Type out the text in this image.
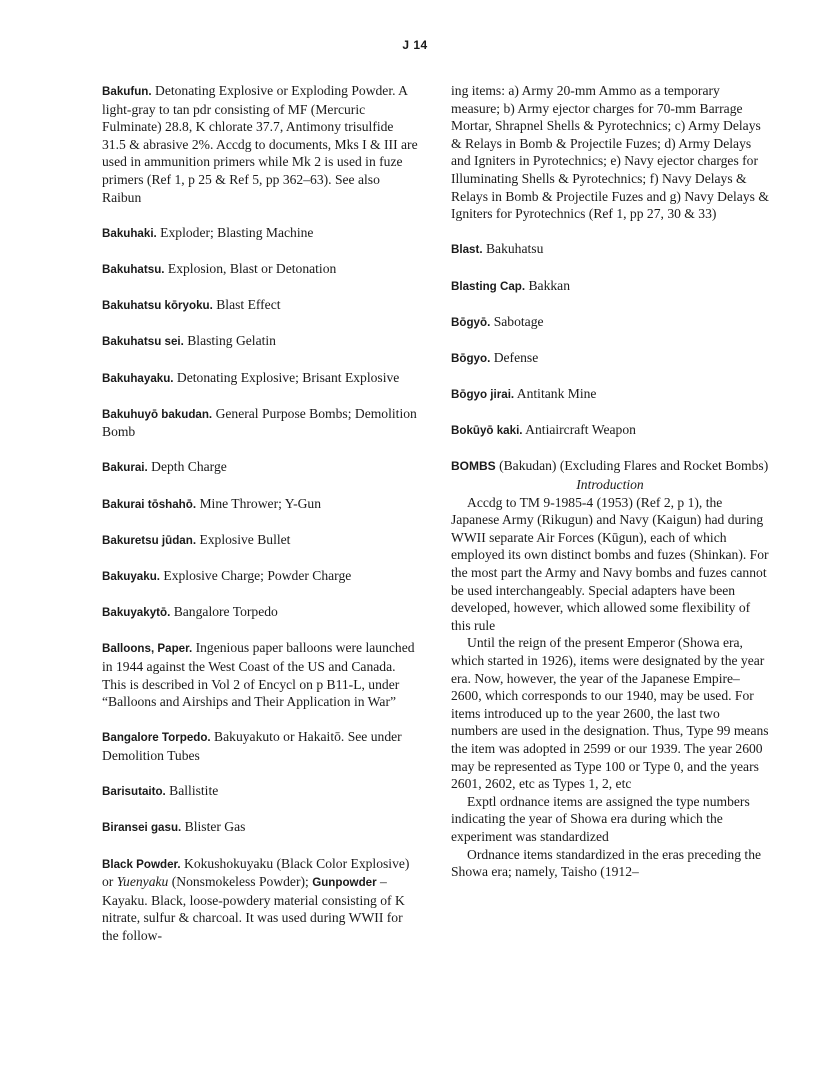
J 14
Bakufun. Detonating Explosive or Exploding Powder. A light-gray to tan pdr consisting of MF (Mercuric Fulminate) 28.8, K chlorate 37.7, Antimony trisulfide 31.5 & abrasive 2%. Accdg to documents, Mks I & III are used in ammunition primers while Mk 2 is used in fuze primers (Ref 1, p 25 & Ref 5, pp 362–63). See also Raibun
Bakuhaki. Exploder; Blasting Machine
Bakuhatsu. Explosion, Blast or Detonation
Bakuhatsu kōryoku. Blast Effect
Bakuhatsu sei. Blasting Gelatin
Bakuhayaku. Detonating Explosive; Brisant Explosive
Bakuhuyō bakudan. General Purpose Bombs; Demolition Bomb
Bakurai. Depth Charge
Bakurai tōshahō. Mine Thrower; Y-Gun
Bakuretsu jūdan. Explosive Bullet
Bakuyaku. Explosive Charge; Powder Charge
Bakuyakytō. Bangalore Torpedo
Balloons, Paper. Ingenious paper balloons were launched in 1944 against the West Coast of the US and Canada. This is described in Vol 2 of Encycl on p B11-L, under “Balloons and Airships and Their Application in War”
Bangalore Torpedo. Bakuyakuto or Hakaitō. See under Demolition Tubes
Barisutaito. Ballistite
Biransei gasu. Blister Gas
Black Powder. Kokushokuyaku (Black Color Explosive) or Yuenyaku (Nonsmokeless Powder); Gunpowder – Kayaku. Black, loose-powdery material consisting of K nitrate, sulfur & charcoal. It was used during WWII for the follow-
ing items: a) Army 20-mm Ammo as a temporary measure; b) Army ejector charges for 70-mm Barrage Mortar, Shrapnel Shells & Pyrotechnics; c) Army Delays & Relays in Bomb & Projectile Fuzes; d) Army Delays and Igniters in Pyrotechnics; e) Navy ejector charges for Illuminating Shells & Pyrotechnics; f) Navy Delays & Relays in Bomb & Projectile Fuzes and g) Navy Delays & Igniters for Pyrotechnics (Ref 1, pp 27, 30 & 33)
Blast. Bakuhatsu
Blasting Cap. Bakkan
Bōgyō. Sabotage
Bōgyo. Defense
Bōgyo jirai. Antitank Mine
Bokūyō kaki. Antiaircraft Weapon
BOMBS (Bakudan) (Excluding Flares and Rocket Bombs)
Introduction
Accdg to TM 9-1985-4 (1953) (Ref 2, p 1), the Japanese Army (Rikugun) and Navy (Kaigun) had during WWII separate Air Forces (Kūgun), each of which employed its own distinct bombs and fuzes (Shinkan). For the most part the Army and Navy bombs and fuzes cannot be used interchangeably. Special adapters have been developed, however, which allowed some flexibility of this rule
Until the reign of the present Emperor (Showa era, which started in 1926), items were designated by the year era. Now, however, the year of the Japanese Empire–2600, which corresponds to our 1940, may be used. For items introduced up to the year 2600, the last two numbers are used in the designation. Thus, Type 99 means the item was adopted in 2599 or our 1939. The year 2600 may be represented as Type 100 or Type 0, and the years 2601, 2602, etc as Types 1, 2, etc
Exptl ordnance items are assigned the type numbers indicating the year of Showa era during which the experiment was standardized
Ordnance items standardized in the eras preceding the Showa era; namely, Taisho (1912–
